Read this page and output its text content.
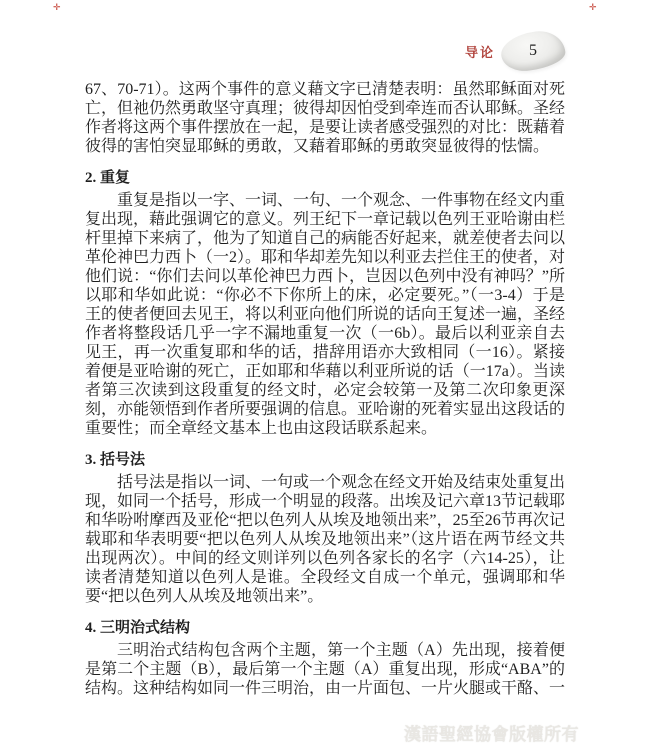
✛	✛
导论 5

67、70-71）。这两个事件的意义藉文字已清楚表明：虽然耶稣面对死亡，但祂仍然勇敢坚守真理；彼得却因怕受到牵连而否认耶稣。圣经作者将这两个事件摆放在一起，是要让读者感受强烈的对比：既藉着彼得的害怕突显耶稣的勇敢，又藉着耶稣的勇敢突显彼得的怯懦。

2. 重复

重复是指以一字、一词、一句、一个观念、一件事物在经文内重复出现，藉此强调它的意义。列王纪下一章记载以色列王亚哈谢由栏杆里掉下来病了，他为了知道自己的病能否好起来，就差使者去问以革伦神巴力西卜（一2）。耶和华却差先知以利亚去拦住王的使者，对他们说：“你们去问以革伦神巴力西卜，岂因以色列中没有神吗？”所以耶和华如此说：“你必不下你所上的床，必定要死。”（一3-4）于是王的使者便回去见王，将以利亚向他们所说的话向王复述一遍，圣经作者将整段话几乎一字不漏地重复一次（一6b）。最后以利亚亲自去见王，再一次重复耶和华的话，措辞用语亦大致相同（一16）。紧接着便是亚哈谢的死亡，正如耶和华藉以利亚所说的话（一17a）。当读者第三次读到这段重复的经文时，必定会较第一及第二次印象更深刻，亦能领悟到作者所要强调的信息。亚哈谢的死着实显出这段话的重要性；而全章经文基本上也由这段话联系起来。

3. 括号法

括号法是指以一词、一句或一个观念在经文开始及结束处重复出现，如同一个括号，形成一个明显的段落。出埃及记六章13节记载耶和华吩咐摩西及亚伦“把以色列人从埃及地领出来”，25至26节再次记载耶和华表明要“把以色列人从埃及地领出来”（这片语在两节经文共出现两次）。中间的经文则详列以色列各家长的名字（六14-25），让读者清楚知道以色列人是谁。全段经文自成一个单元，强调耶和华要“把以色列人从埃及地领出来”。

4. 三明治式结构

三明治式结构包含两个主题，第一个主题（A）先出现，接着便是第二个主题（B），最后第一个主题（A）重复出现，形成“ABA”的结构。这种结构如同一件三明治，由一片面包、一片火腿或干酪、一

漢語聖經協會版權所有
